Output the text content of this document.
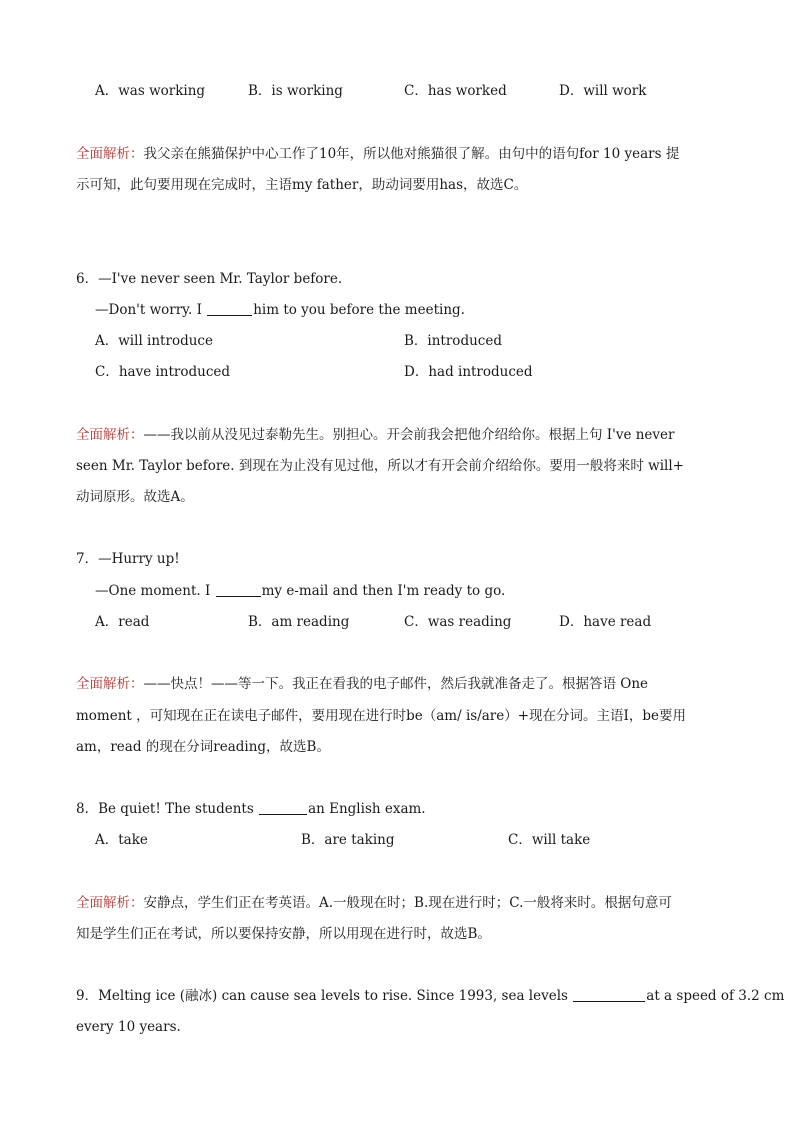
A．was working	B．is working	C．has worked	D．will work
全面解析：我父亲在熊猫保护中心工作了10年，所以他对熊猫很了解。由句中的语句for 10 years 提
示可知，此句要用现在完成时，主语my father，助动词要用has，故选C。
6．—I've never seen Mr. Taylor before.
—Don't worry. I	him to you before the meeting.
A．will introduce	B．introduced
C．have introduced	D．had introduced
全面解析：——我以前从没见过泰勒先生。别担心。开会前我会把他介绍给你。根据上句 I've never
seen Mr. Taylor before. 到现在为止没有见过他，所以才有开会前介绍给你。要用一般将来时 will+
动词原形。故选A。
7．—Hurry up!
—One moment. I	my e-mail and then I'm ready to go.
A．read	B．am reading	C．was reading	D．have read
全面解析：——快点！——等一下。我正在看我的电子邮件，然后我就准备走了。根据答语 One
moment ，可知现在正在读电子邮件，要用现在进行时be（am/ is/are）+现在分词。主语I，be要用
am，read 的现在分词reading，故选B。
8．Be quiet! The students	an English exam.
A．take	B．are taking	C．will take
全面解析：安静点，学生们正在考英语。A.一般现在时；B.现在进行时；C.一般将来时。根据句意可
知是学生们正在考试，所以要保持安静，所以用现在进行时，故选B。
9．Melting ice (融冰) can cause sea levels to rise. Since 1993, sea levels	at a speed of 3.2 cm
every 10 years.
